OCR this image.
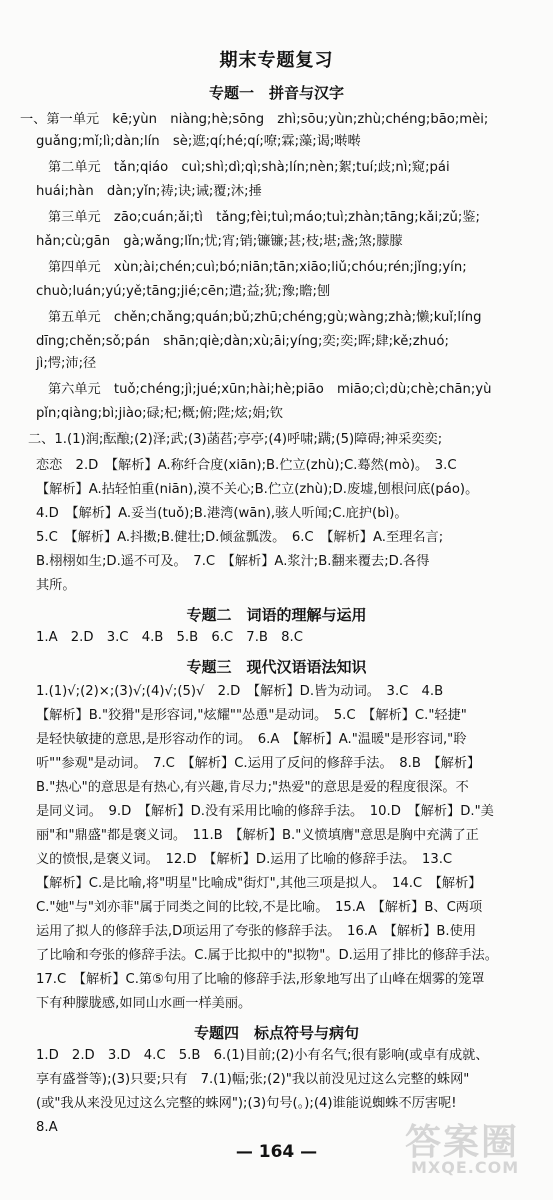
期末专题复习
专题一　拼音与汉字
一、第一单元　kē;yùn　niàng;hè;sōng　zhì;sōu;yùn;zhù;chéng;bāo;mèi;
guǎng;mǐ;lì;dàn;lín　sè;遮;qí;hé;qí;嘹;霖;藻;谒;啭啭
第二单元　tǎn;qiáo　cuì;shì;dì;qì;shà;lín;nèn;絮;tuí;歧;nì;窥;pái
huái;hàn　dàn;yǐn;祷;诀;诫;覆;沐;捶
第三单元　zāo;cuán;ǎi;tì　tǎng;fèi;tuì;máo;tuì;zhàn;tāng;kǎi;zǔ;鉴;
hǎn;cù;gān　gà;wǎng;lǐn;忧;宵;销;镰镰;甚;枝;堪;盏;煞;朦朦
第四单元　xùn;ài;chén;cuì;bó;niān;tān;xiāo;liǔ;chóu;rén;jǐng;yín;
chuò;luán;yú;yě;tāng;jié;cēn;遣;益;犹;豫;瞻;刨
第五单元　chěn;chǎng;quán;bǔ;zhū;chéng;gù;wàng;zhà;懒;kuǐ;líng
dīng;chěn;sǒ;pán　shān;qiè;dàn;xù;āi;yíng;奕;奕;晖;肆;kě;zhuó;
jì;愕;沛;径
第六单元　tuǒ;chéng;jì;jué;xūn;hài;hè;piāo　miāo;cì;dù;chè;chān;yù
pǐn;qiàng;bì;jiào;碌;杞;概;俯;陛;炫;娟;钦
二、1.(1)润;酝酿;(2)泽;武;(3)菡萏;亭亭;(4)呼啸;蹒;(5)障碍;神采奕奕;
恋恋　2.D　【解析】A.称纤合度(xiān);B.伫立(zhù);C.蓦然(mò)。　3.C
【解析】A.拈轻怕重(niān),漠不关心;B.伫立(zhù);D.废墟,刨根问底(páo)。
4.D　【解析】A.妥当(tuǒ);B.港湾(wān),骇人听闻;C.庇护(bì)。
5.C　【解析】A.抖擞;B.健壮;D.倾盆瓢泼。　6.C　【解析】A.至理名言;
B.栩栩如生;D.遥不可及。　7.C　【解析】A.浆汁;B.翻来覆去;D.各得
其所。
专题二　词语的理解与运用
1.A　2.D　3.C　4.B　5.B　6.C　7.B　8.C
专题三　现代汉语语法知识
1.(1)√;(2)×;(3)√;(4)√;(5)√　2.D　【解析】D.皆为动词。　3.C　4.B
【解析】B."狡猾"是形容词,"炫耀""怂恿"是动词。　5.C　【解析】C."轻捷"
是轻快敏捷的意思,是形容动作的词。　6.A　【解析】A."温暖"是形容词,"聆
听""参观"是动词。　7.C　【解析】C.运用了反问的修辞手法。　8.B　【解析】
B."热心"的意思是有热心,有兴趣,肯尽力;"热爱"的意思是爱的程度很深。不
是同义词。　9.D　【解析】D.没有采用比喻的修辞手法。　10.D　【解析】D."美
丽"和"鼎盛"都是褒义词。　11.B　【解析】B."义愤填膺"意思是胸中充满了正
义的愤恨,是褒义词。　12.D　【解析】D.运用了比喻的修辞手法。　13.C
【解析】C.是比喻,将"明星"比喻成"街灯",其他三项是拟人。　14.C　【解析】
C."她"与"刘亦菲"属于同类之间的比较,不是比喻。　15.A　【解析】B、C两项
运用了拟人的修辞手法,D项运用了夸张的修辞手法。　16.A　【解析】B.使用
了比喻和夸张的修辞手法。C.属于比拟中的"拟物"。D.运用了排比的修辞手法。
17.C　【解析】C.第⑤句用了比喻的修辞手法,形象地写出了山峰在烟雾的笼罩
下有种朦胧感,如同山水画一样美丽。
专题四　标点符号与病句
1.D　2.D　3.D　4.C　5.B　6.(1)目前;(2)小有名气;很有影响(或卓有成就、
享有盛誉等);(3)只要;只有　7.(1)幅;张;(2)"我以前没见过这么完整的蛛网"
(或"我从来没见过这么完整的蛛网");(3)句号(。);(4)谁能说蜘蛛不厉害呢!
8.A
— 164 —	答案圈
MXQE.COM
